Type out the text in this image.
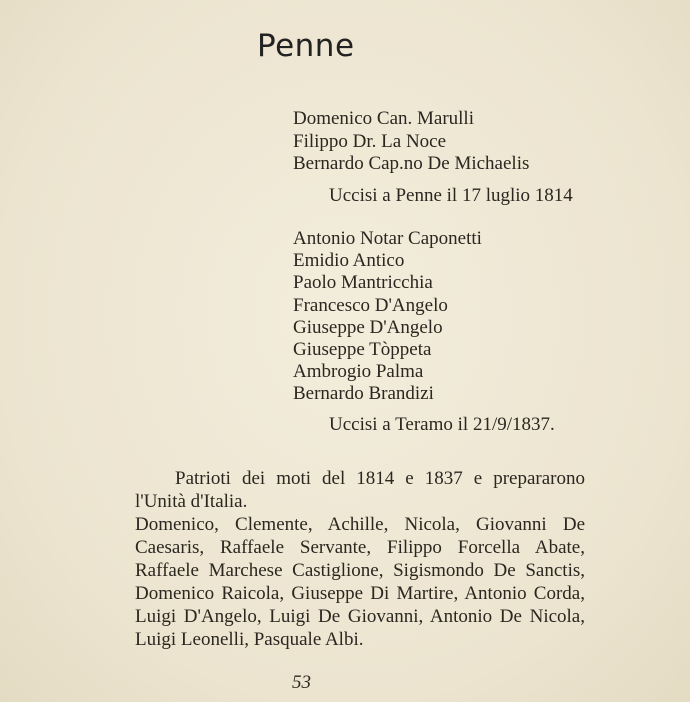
Penne
Domenico Can. Marulli
Filippo Dr. La Noce
Bernardo Cap.no De Michaelis
Uccisi a Penne il 17 luglio 1814
Antonio Notar Caponetti
Emidio Antico
Paolo Mantricchia
Francesco D'Angelo
Giuseppe D'Angelo
Giuseppe Tòppeta
Ambrogio Palma
Bernardo Brandizi
Uccisi a Teramo il 21/9/1837.

Patrioti dei moti del 1814 e 1837 e prepararono l'Unità d'Italia.

Domenico, Clemente, Achille, Nicola, Giovanni De Caesaris, Raffaele Servante, Filippo Forcella Abate, Raffaele Marchese Castiglione, Sigismondo De Sanctis, Domenico Raicola, Giuseppe Di Martire, Antonio Corda, Luigi D'Angelo, Luigi De Giovanni, Antonio De Nicola, Luigi Leonelli, Pasquale Albi.

53
